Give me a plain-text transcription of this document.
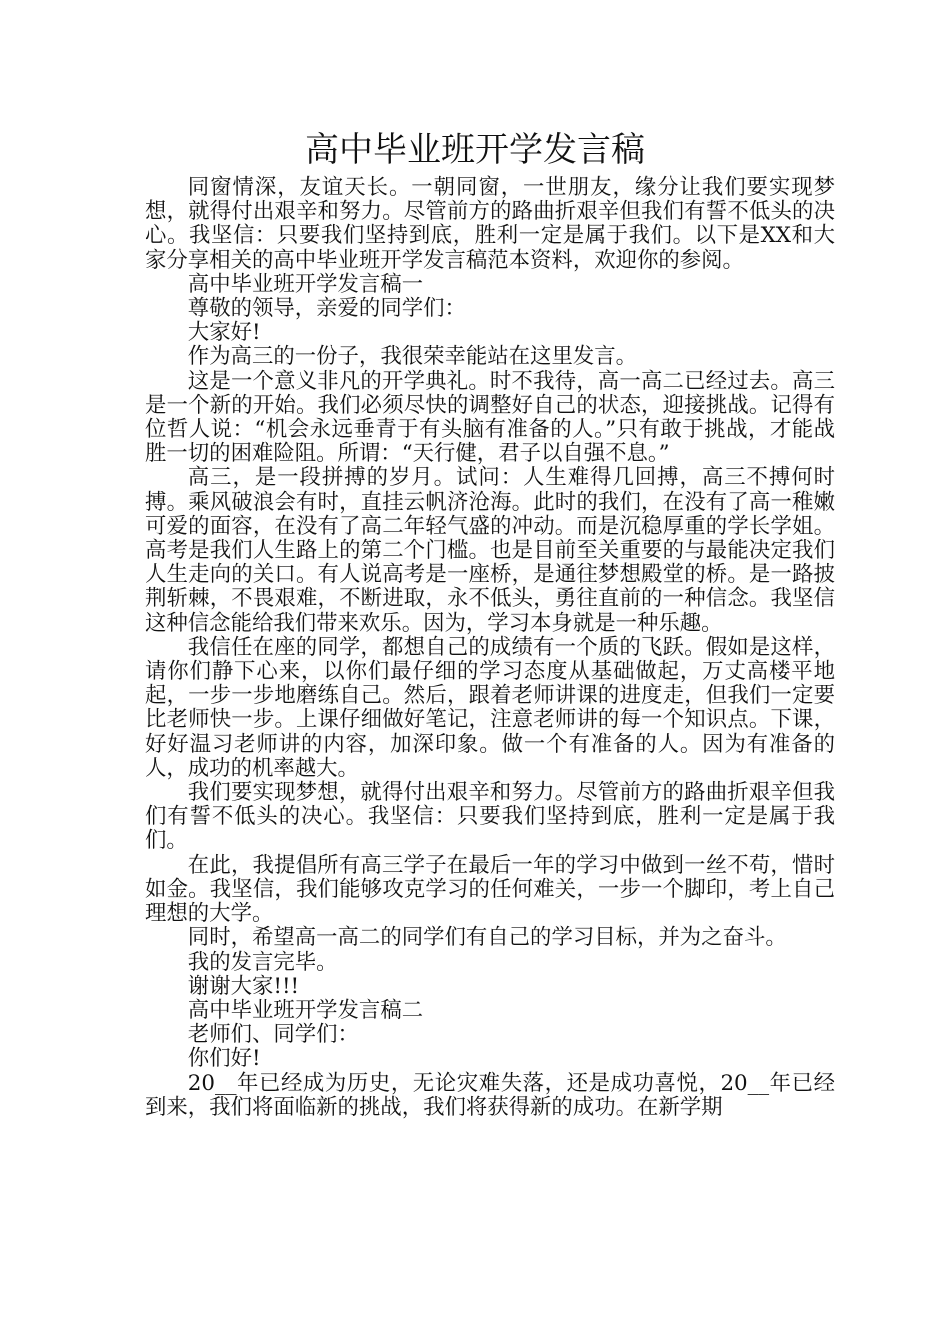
高中毕业班开学发言稿

同窗情深，友谊天长。一朝同窗，一世朋友，缘分让我们要实现梦想，就得付出艰辛和努力。尽管前方的路曲折艰辛但我们有誓不低头的决心。我坚信：只要我们坚持到底，胜利一定是属于我们。以下是XX和大家分享相关的高中毕业班开学发言稿范本资料，欢迎你的参阅。

高中毕业班开学发言稿一

尊敬的领导，亲爱的同学们：

大家好!

作为高三的一份子，我很荣幸能站在这里发言。

这是一个意义非凡的开学典礼。时不我待，高一高二已经过去。高三是一个新的开始。我们必须尽快的调整好自己的状态，迎接挑战。记得有位哲人说：“机会永远垂青于有头脑有准备的人。”只有敢于挑战，才能战胜一切的困难险阻。所谓：“天行健，君子以自强不息。”

高三，是一段拼搏的岁月。试问：人生难得几回搏，高三不搏何时搏。乘风破浪会有时，直挂云帆济沧海。此时的我们，在没有了高一稚嫩可爱的面容，在没有了高二年轻气盛的冲动。而是沉稳厚重的学长学姐。高考是我们人生路上的第二个门槛。也是目前至关重要的与最能决定我们人生走向的关口。有人说高考是一座桥，是通往梦想殿堂的桥。是一路披荆斩棘，不畏艰难，不断进取，永不低头，勇往直前的一种信念。我坚信这种信念能给我们带来欢乐。因为，学习本身就是一种乐趣。

我信任在座的同学，都想自己的成绩有一个质的飞跃。假如是这样，请你们静下心来，以你们最仔细的学习态度从基础做起，万丈高楼平地起，一步一步地磨练自己。然后，跟着老师讲课的进度走，但我们一定要比老师快一步。上课仔细做好笔记，注意老师讲的每一个知识点。下课，好好温习老师讲的内容，加深印象。做一个有准备的人。因为有准备的人，成功的机率越大。

我们要实现梦想，就得付出艰辛和努力。尽管前方的路曲折艰辛但我们有誓不低头的决心。我坚信：只要我们坚持到底，胜利一定是属于我们。

在此，我提倡所有高三学子在最后一年的学习中做到一丝不苟，惜时如金。我坚信，我们能够攻克学习的任何难关，一步一个脚印，考上自己理想的大学。

同时，希望高一高二的同学们有自己的学习目标，并为之奋斗。

我的发言完毕。

谢谢大家!!!

高中毕业班开学发言稿二

老师们、同学们：

你们好!

20__年已经成为历史，无论灾难失落，还是成功喜悦，20__年已经到来，我们将面临新的挑战，我们将获得新的成功。在新学期
